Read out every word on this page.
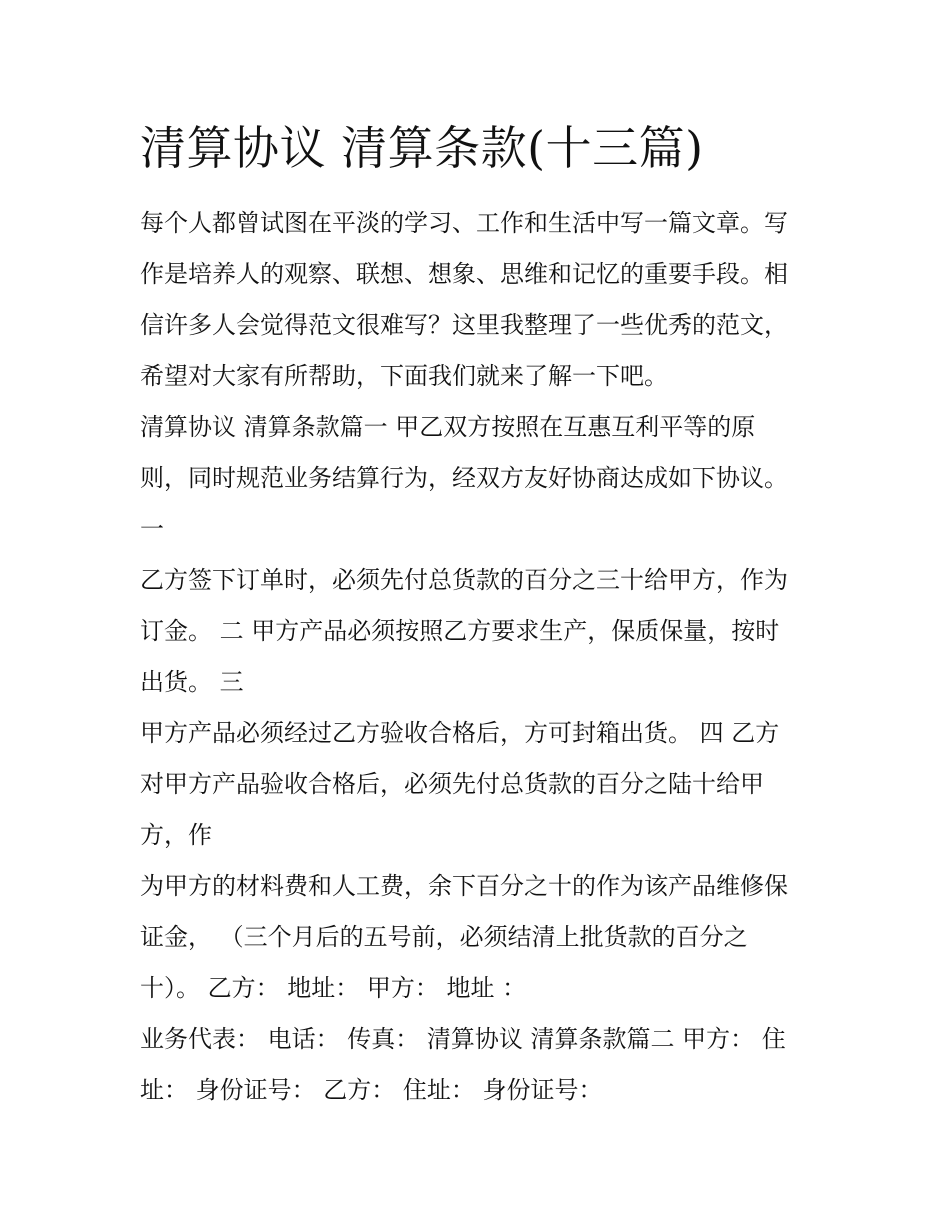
清算协议 清算条款(十三篇)
每个人都曾试图在平淡的学习、工作和生活中写一篇文章。写
作是培养人的观察、联想、想象、思维和记忆的重要手段。相
信许多人会觉得范文很难写？这里我整理了一些优秀的范文，
希望对大家有所帮助，下面我们就来了解一下吧。
清算协议 清算条款篇一 甲乙双方按照在互惠互利平等的原
则，同时规范业务结算行为，经双方友好协商达成如下协议。
一
乙方签下订单时，必须先付总货款的百分之三十给甲方，作为
订金。 二 甲方产品必须按照乙方要求生产，保质保量，按时
出货。 三
甲方产品必须经过乙方验收合格后，方可封箱出货。 四 乙方
对甲方产品验收合格后，必须先付总货款的百分之陆十给甲
方，作
为甲方的材料费和人工费，余下百分之十的作为该产品维修保
证金， （三个月后的五号前，必须结清上批货款的百分之
十）。 乙方： 地址： 甲方： 地址 ：
业务代表： 电话： 传真： 清算协议 清算条款篇二 甲方： 住
址： 身份证号： 乙方： 住址： 身份证号：
